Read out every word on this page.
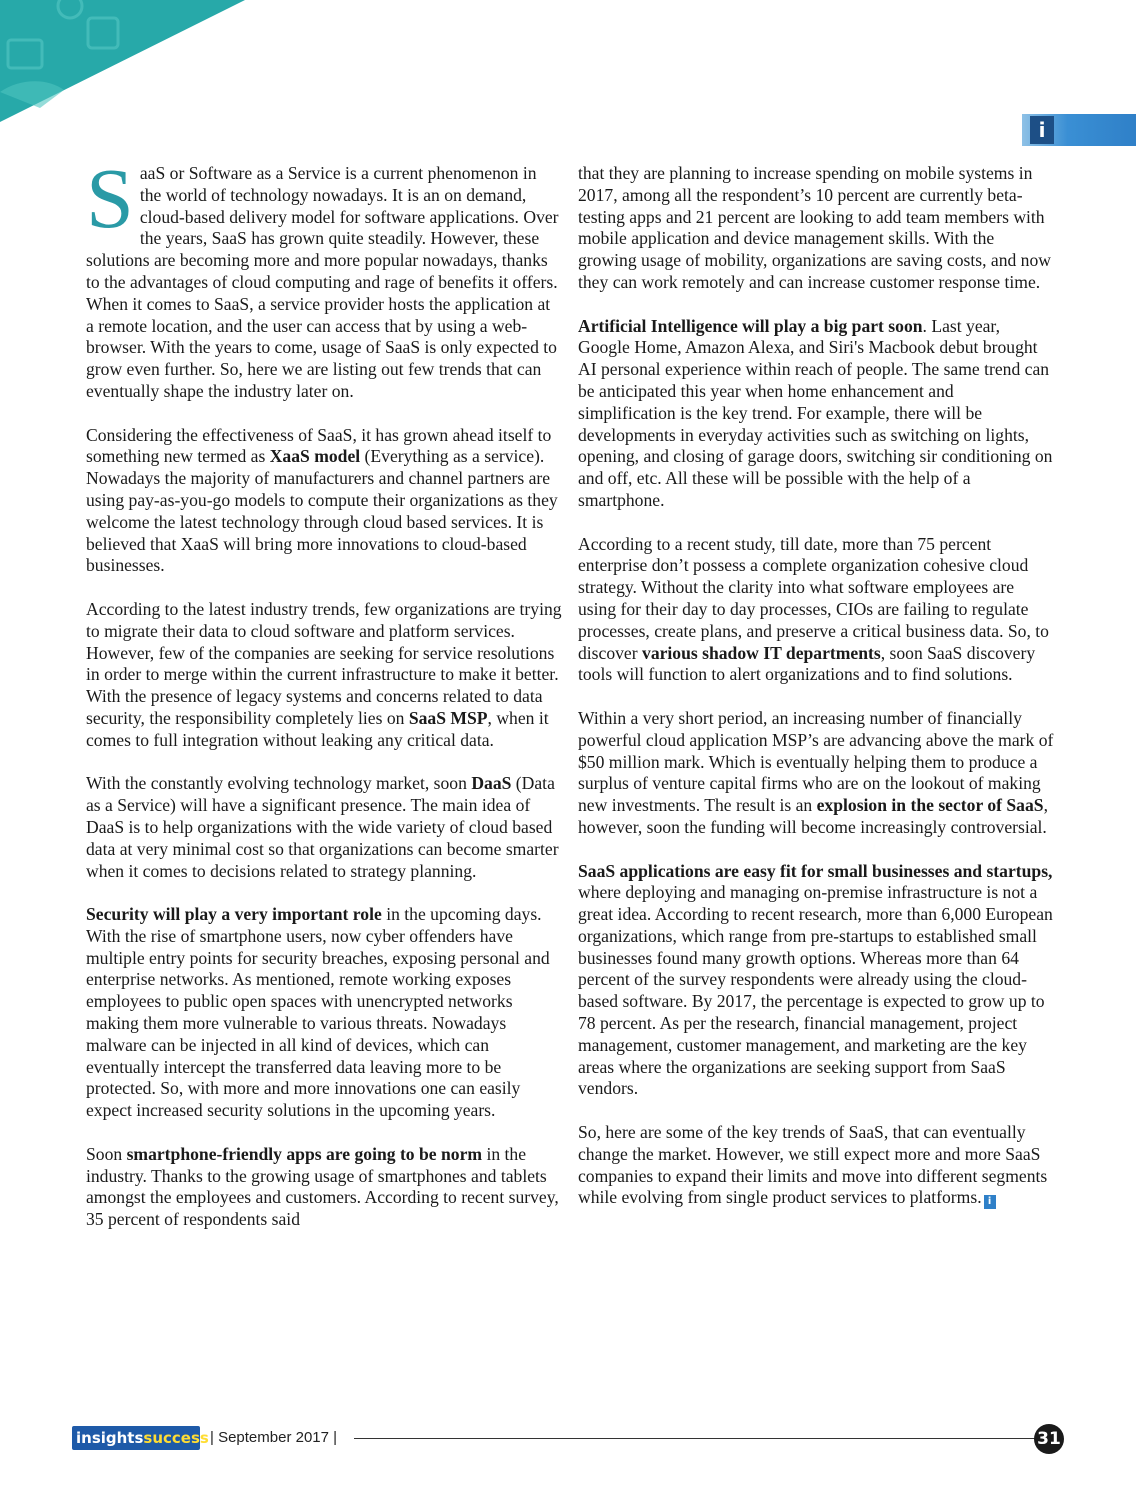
i

SaaS or Software as a Service is a current phenomenon in the world of technology nowadays. It is an on demand, cloud-based delivery model for software applications. Over the years, SaaS has grown quite steadily. However, these solutions are becoming more and more popular nowadays, thanks to the advantages of cloud computing and rage of benefits it offers. When it comes to SaaS, a service provider hosts the application at a remote location, and the user can access that by using a web-browser. With the years to come, usage of SaaS is only expected to grow even further. So, here we are listing out few trends that can eventually shape the industry later on.

Considering the effectiveness of SaaS, it has grown ahead itself to something new termed as XaaS model (Everything as a service). Nowadays the majority of manufacturers and channel partners are using pay-as-you-go models to compute their organizations as they welcome the latest technology through cloud based services. It is believed that XaaS will bring more innovations to cloud-based businesses.

According to the latest industry trends, few organizations are trying to migrate their data to cloud software and platform services. However, few of the companies are seeking for service resolutions in order to merge within the current infrastructure to make it better. With the presence of legacy systems and concerns related to data security, the responsibility completely lies on SaaS MSP, when it comes to full integration without leaking any critical data.

With the constantly evolving technology market, soon DaaS (Data as a Service) will have a significant presence. The main idea of DaaS is to help organizations with the wide variety of cloud based data at very minimal cost so that organizations can become smarter when it comes to decisions related to strategy planning.

Security will play a very important role in the upcoming days. With the rise of smartphone users, now cyber offenders have multiple entry points for security breaches, exposing personal and enterprise networks. As mentioned, remote working exposes employees to public open spaces with unencrypted networks making them more vulnerable to various threats. Nowadays malware can be injected in all kind of devices, which can eventually intercept the transferred data leaving more to be protected. So, with more and more innovations one can easily expect increased security solutions in the upcoming years.

Soon smartphone-friendly apps are going to be norm in the industry. Thanks to the growing usage of smartphones and tablets amongst the employees and customers. According to recent survey, 35 percent of respondents said

that they are planning to increase spending on mobile systems in 2017, among all the respondent’s 10 percent are currently beta-testing apps and 21 percent are looking to add team members with mobile application and device management skills. With the growing usage of mobility, organizations are saving costs, and now they can work remotely and can increase customer response time.

Artificial Intelligence will play a big part soon. Last year, Google Home, Amazon Alexa, and Siri's Macbook debut brought AI personal experience within reach of people. The same trend can be anticipated this year when home enhancement and simplification is the key trend. For example, there will be developments in everyday activities such as switching on lights, opening, and closing of garage doors, switching sir conditioning on and off, etc. All these will be possible with the help of a smartphone.

According to a recent study, till date, more than 75 percent enterprise don’t possess a complete organization cohesive cloud strategy. Without the clarity into what software employees are using for their day to day processes, CIOs are failing to regulate processes, create plans, and preserve a critical business data. So, to discover various shadow IT departments, soon SaaS discovery tools will function to alert organizations and to find solutions.

Within a very short period, an increasing number of financially powerful cloud application MSP’s are advancing above the mark of $50 million mark. Which is eventually helping them to produce a surplus of venture capital firms who are on the lookout of making new investments. The result is an explosion in the sector of SaaS, however, soon the funding will become increasingly controversial.

SaaS applications are easy fit for small businesses and startups, where deploying and managing on-premise infrastructure is not a great idea. According to recent research, more than 6,000 European organizations, which range from pre-startups to established small businesses found many growth options. Whereas more than 64 percent of the survey respondents were already using the cloud-based software. By 2017, the percentage is expected to grow up to 78 percent. As per the research, financial management, project management, customer management, and marketing are the key areas where the organizations are seeking support from SaaS vendors.

So, here are some of the key trends of SaaS, that can eventually change the market. However, we still expect more and more SaaS companies to expand their limits and move into different segments while evolving from single product services to platforms. i

insightssuccess | September 2017 |	31
